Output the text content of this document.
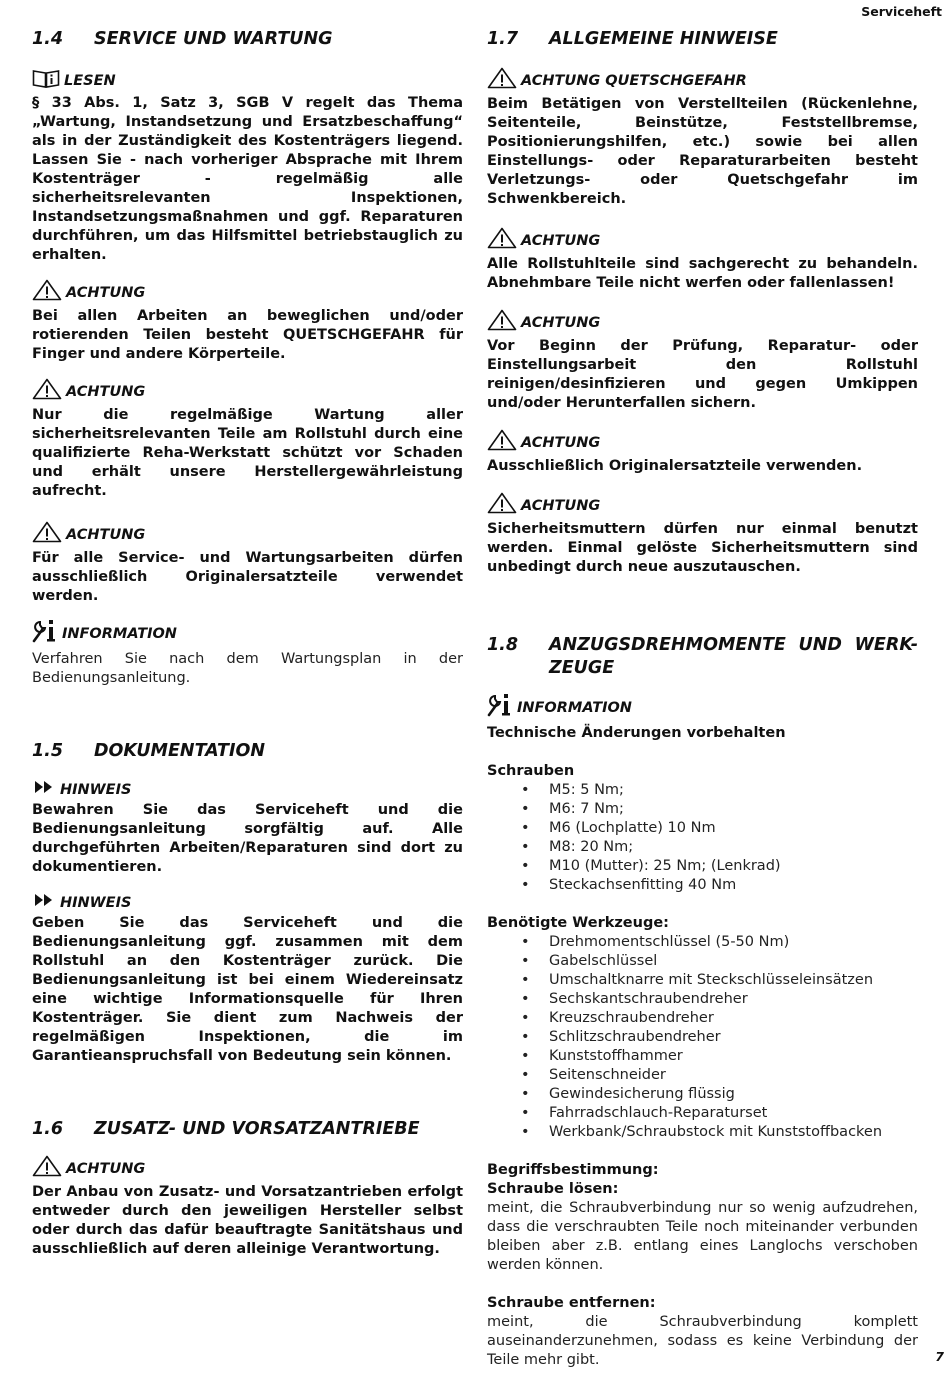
Serviceheft
1.4	SERVICE UND WARTUNG
LESEN

§ 33 Abs. 1, Satz 3, SGB V regelt das Thema „Wartung, Instandsetzung und Ersatzbeschaffung“ als in der Zuständigkeit des Kostenträgers liegend. Lassen Sie - nach vorheriger Absprache mit Ihrem Kostenträger - regelmäßig alle sicherheitsrelevanten Inspektionen, Instandsetzungsmaßnahmen und ggf. Reparaturen durchführen, um das Hilfsmittel betriebstauglich zu erhalten.

ACHTUNG

Bei allen Arbeiten an beweglichen und/oder rotierenden Teilen besteht QUETSCHGEFAHR für Finger und andere Körperteile.

ACHTUNG

Nur die regelmäßige Wartung aller sicherheitsrelevanten Teile am Rollstuhl durch eine qualifizierte Reha-Werkstatt schützt vor Schaden und erhält unsere Herstellergewährleistung aufrecht.

ACHTUNG

Für alle Service- und Wartungsarbeiten dürfen ausschließlich Originalersatzteile verwendet werden.

INFORMATION

Verfahren Sie nach dem Wartungsplan in der Bedienungsanleitung.

1.5	DOKUMENTATION
HINWEIS

Bewahren Sie das Serviceheft und die Bedienungsanleitung sorgfältig auf. Alle durchgeführten Arbeiten/Reparaturen sind dort zu dokumentieren.

HINWEIS

Geben Sie das Serviceheft und die Bedienungsanleitung ggf. zusammen mit dem Rollstuhl an den Kostenträger zurück. Die Bedienungsanleitung ist bei einem Wiedereinsatz eine wichtige Informationsquelle für Ihren Kostenträger. Sie dient zum Nachweis der regelmäßigen Inspektionen, die im Garantieanspruchsfall von Bedeutung sein können.

1.6	ZUSATZ- UND VORSATZANTRIEBE
ACHTUNG

Der Anbau von Zusatz- und Vorsatzantrieben erfolgt entweder durch den jeweiligen Hersteller selbst oder durch das dafür beauftragte Sanitätshaus und ausschließlich auf deren alleinige Verantwortung.

1.7	ALLGEMEINE HINWEISE
ACHTUNG QUETSCHGEFAHR

Beim Betätigen von Verstellteilen (Rückenlehne, Seitenteile, Beinstütze, Feststellbremse, Positionierungshilfen, etc.) sowie bei allen Einstellungs- oder Reparaturarbeiten besteht Verletzungs- oder Quetschgefahr im Schwenkbereich.

ACHTUNG

Alle Rollstuhlteile sind sachgerecht zu behandeln. Abnehmbare Teile nicht werfen oder fallenlassen!

ACHTUNG

Vor Beginn der Prüfung, Reparatur- oder Einstellungsarbeit den Rollstuhl reinigen/desinfizieren und gegen Umkippen und/oder Herunterfallen sichern.

ACHTUNG

Ausschließlich Originalersatzteile verwenden.

ACHTUNG

Sicherheitsmuttern dürfen nur einmal benutzt werden. Einmal gelöste Sicherheitsmuttern sind unbedingt durch neue auszutauschen.

1.8	ANZUGSDREHMOMENTE UND WERK-
ZEUGE
INFORMATION

Technische Änderungen vorbehalten

Schrauben

• M5: 5 Nm;
• M6: 7 Nm;
• M6 (Lochplatte) 10 Nm
• M8: 20 Nm;
• M10 (Mutter): 25 Nm; (Lenkrad)
• Steckachsenfitting 40 Nm

Benötigte Werkzeuge:

• Drehmomentschlüssel (5-50 Nm)
• Gabelschlüssel
• Umschaltknarre mit Steckschlüsseleinsätzen
• Sechskantschraubendreher
• Kreuzschraubendreher
• Schlitzschraubendreher
• Kunststoffhammer
• Seitenschneider
• Gewindesicherung flüssig
• Fahrradschlauch-Reparaturset
• Werkbank/Schraubstock mit Kunststoffbacken

Begriffsbestimmung:

Schraube lösen:

meint, die Schraubverbindung nur so wenig aufzudrehen, dass die verschraubten Teile noch miteinander verbunden bleiben aber z.B. entlang eines Langlochs verschoben werden können.

Schraube entfernen:

meint, die Schraubverbindung komplett auseinanderzunehmen, sodass es keine Verbindung der Teile mehr gibt.	7
